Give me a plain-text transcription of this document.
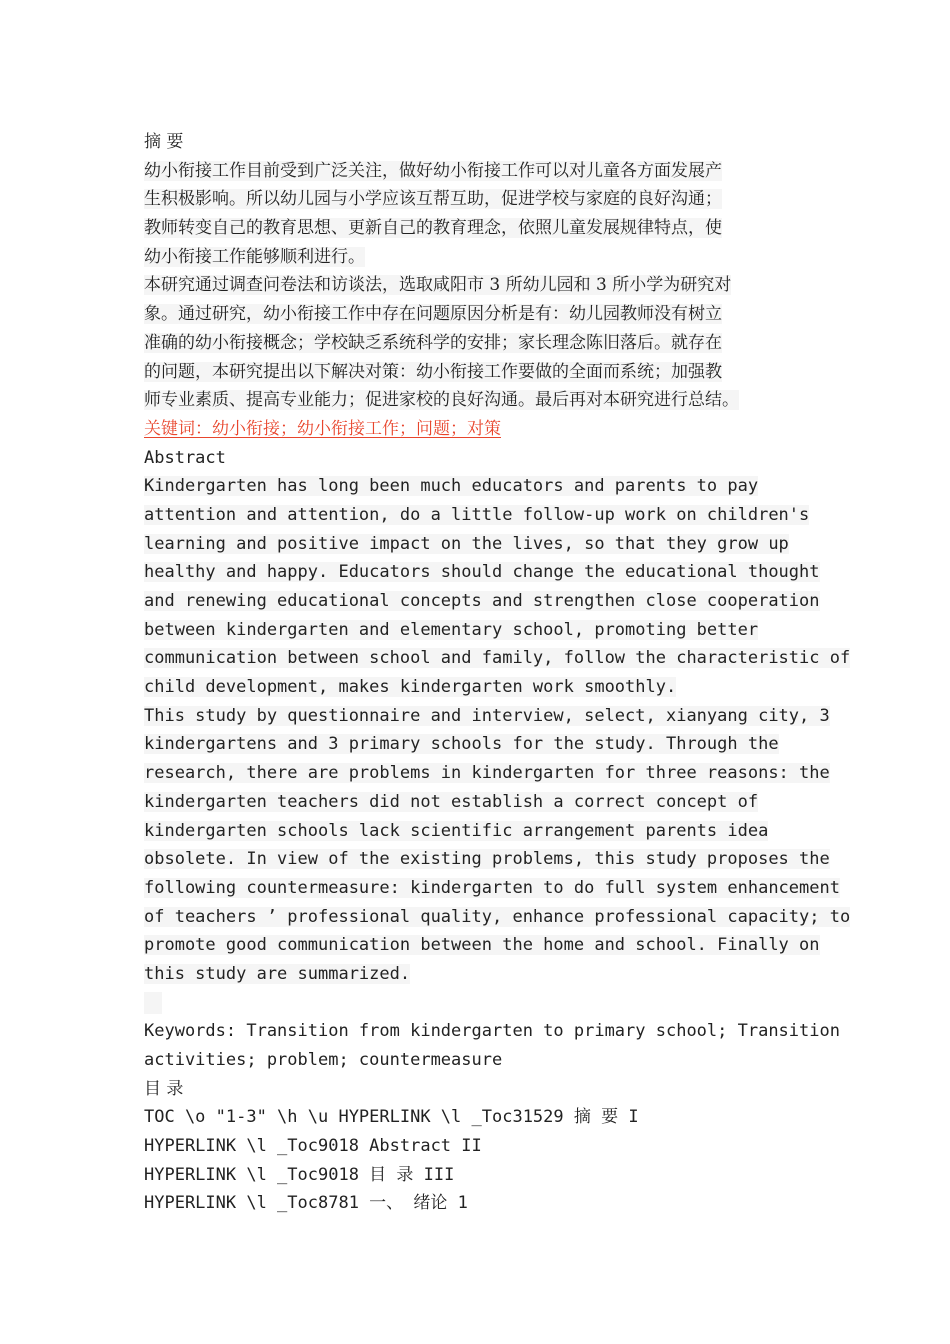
摘 要
幼小衔接工作目前受到广泛关注，做好幼小衔接工作可以对儿童各方面发展产
生积极影响。所以幼儿园与小学应该互帮互助，促进学校与家庭的良好沟通；
教师转变自己的教育思想、更新自己的教育理念，依照儿童发展规律特点，使
幼小衔接工作能够顺利进行。
本研究通过调查问卷法和访谈法，选取咸阳市 3 所幼儿园和 3 所小学为研究对
象。通过研究，幼小衔接工作中存在问题原因分析是有：幼儿园教师没有树立
准确的幼小衔接概念；学校缺乏系统科学的安排；家长理念陈旧落后。就存在
的问题，本研究提出以下解决对策：幼小衔接工作要做的全面而系统；加强教
师专业素质、提高专业能力；促进家校的良好沟通。最后再对本研究进行总结。
关键词：幼小衔接；幼小衔接工作；问题；对策
Abstract
Kindergarten has long been much educators and parents to pay
attention and attention, do a little follow-up work on children's
learning and positive impact on the lives, so that they grow up
healthy and happy. Educators should change the educational thought
and renewing educational concepts and strengthen close cooperation
between kindergarten and elementary school, promoting better
communication between school and family, follow the characteristic of
child development, makes kindergarten work smoothly.
This study by questionnaire and interview, select, xianyang city, 3
kindergartens and 3 primary schools for the study. Through the
research, there are problems in kindergarten for three reasons: the
kindergarten teachers did not establish a correct concept of
kindergarten schools lack scientific arrangement parents idea
obsolete. In view of the existing problems, this study proposes the
following countermeasure: kindergarten to do full system enhancement
of teachers ’ professional quality, enhance professional capacity; to
promote good communication between the home and school. Finally on
this study are summarized.
Keywords: Transition from kindergarten to primary school; Transition
activities; problem; countermeasure
目 录
TOC \o "1-3" \h \u HYPERLINK \l _Toc31529 摘 要 I
HYPERLINK \l _Toc9018 Abstract II
HYPERLINK \l _Toc9018 目 录 III
HYPERLINK \l _Toc8781 一、 绪论 1
